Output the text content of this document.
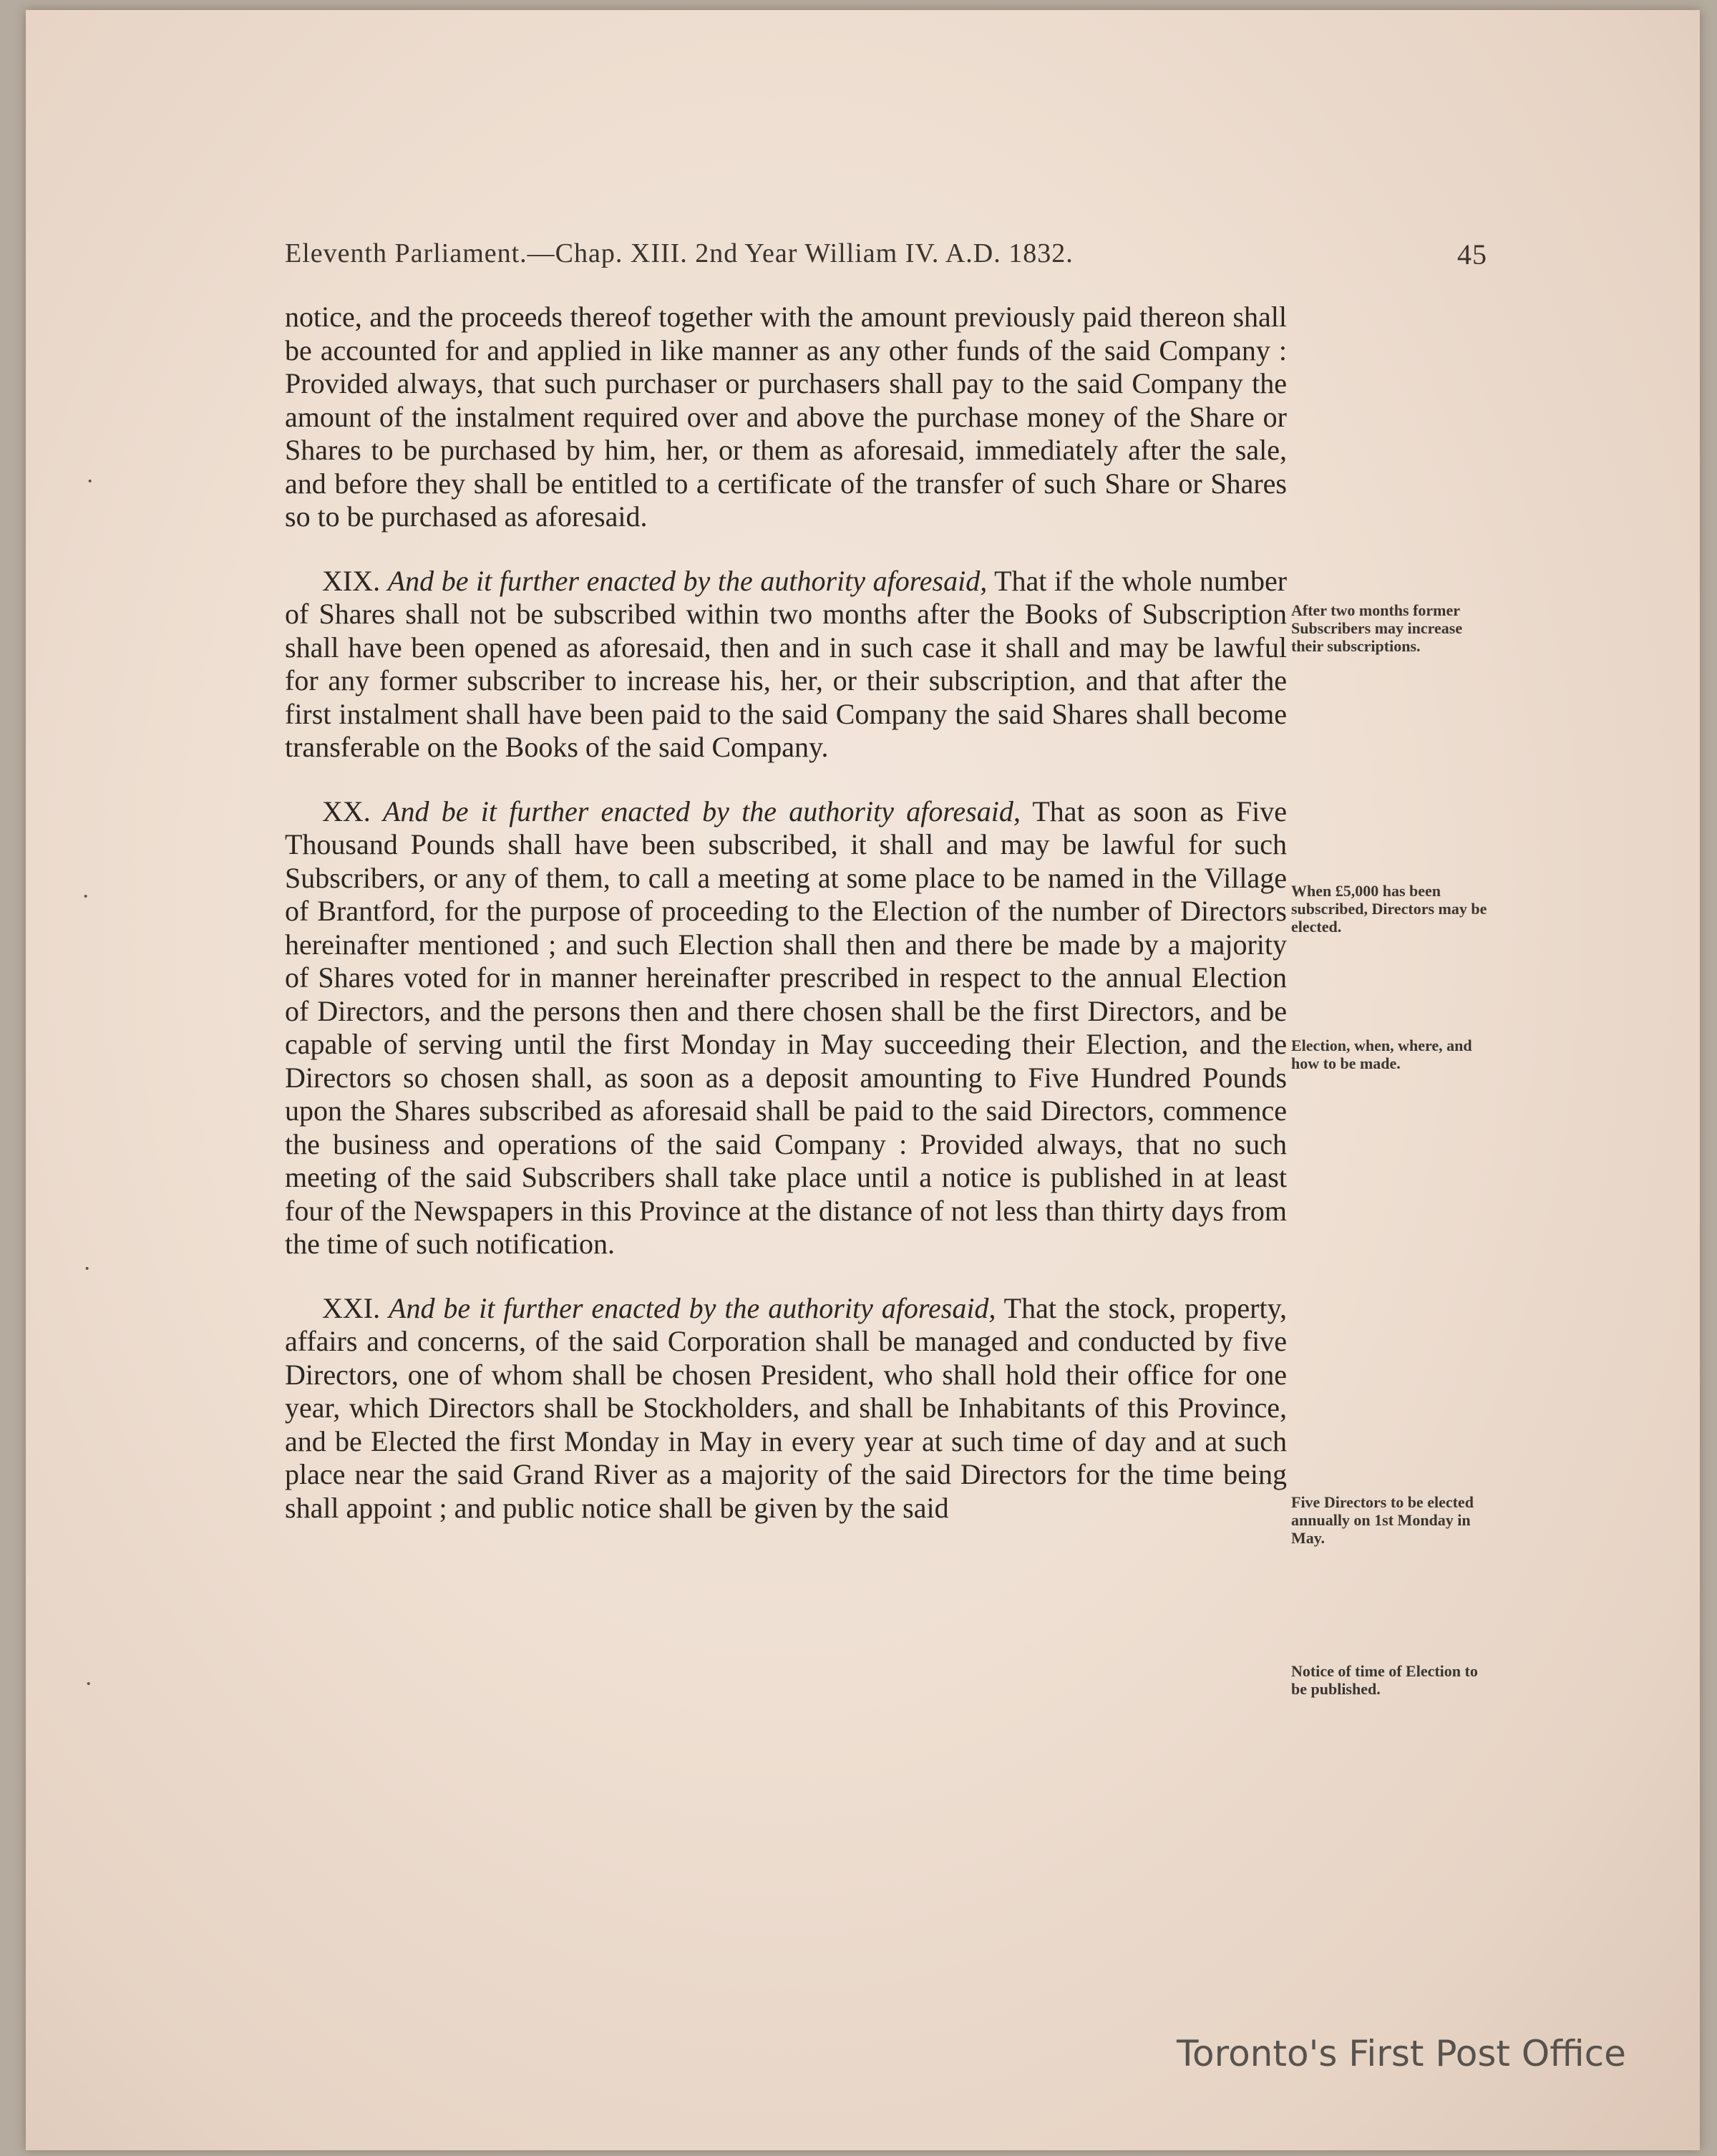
Eleventh Parliament.—Chap. XIII. 2nd Year William IV. A.D. 1832.	45

notice, and the proceeds thereof together with the amount previously paid thereon shall be accounted for and applied in like manner as any other funds of the said Company : Provided always, that such purchaser or purchasers shall pay to the said Company the amount of the instalment required over and above the purchase money of the Share or Shares to be purchased by him, her, or them as aforesaid, immediately after the sale, and before they shall be entitled to a certificate of the transfer of such Share or Shares so to be purchased as aforesaid.

XIX. And be it further enacted by the authority aforesaid, That if the whole number of Shares shall not be subscribed within two months after the Books of Subscription shall have been opened as aforesaid, then and in such case it shall and may be lawful for any former subscriber to increase his, her, or their subscription, and that after the first instalment shall have been paid to the said Company the said Shares shall become transferable on the Books of the said Company.

XX. And be it further enacted by the authority aforesaid, That as soon as Five Thousand Pounds shall have been subscribed, it shall and may be lawful for such Subscribers, or any of them, to call a meeting at some place to be named in the Village of Brantford, for the purpose of proceeding to the Election of the number of Directors hereinafter mentioned ; and such Election shall then and there be made by a majority of Shares voted for in manner hereinafter prescribed in respect to the annual Election of Directors, and the persons then and there chosen shall be the first Directors, and be capable of serving until the first Monday in May succeeding their Election, and the Directors so chosen shall, as soon as a deposit amounting to Five Hundred Pounds upon the Shares subscribed as aforesaid shall be paid to the said Directors, commence the business and operations of the said Company : Provided always, that no such meeting of the said Subscribers shall take place until a notice is published in at least four of the Newspapers in this Province at the distance of not less than thirty days from the time of such notification.

XXI. And be it further enacted by the authority aforesaid, That the stock, property, affairs and concerns, of the said Corporation shall be managed and conducted by five Directors, one of whom shall be chosen President, who shall hold their office for one year, which Directors shall be Stockholders, and shall be Inhabitants of this Province, and be Elected the first Monday in May in every year at such time of day and at such place near the said Grand River as a majority of the said Directors for the time being shall appoint ; and public notice shall be given by the said

After two months former Subscribers may increase their subscriptions.
When £5,000 has been subscribed, Directors may be elected.
Election, when, where, and how to be made.
Five Directors to be elected annually on 1st Monday in May.
Notice of time of Election to be published.
·
·
·
·
Toronto's First Post Office
